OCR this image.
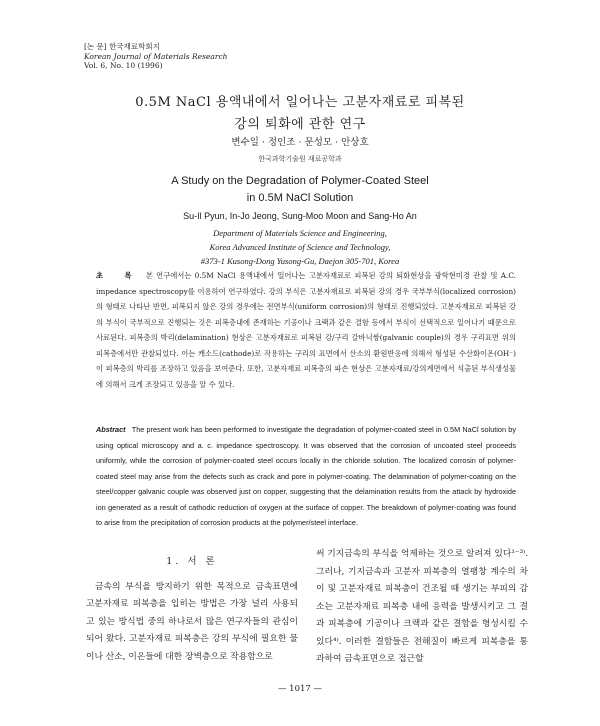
[논 문] 한국재료학회지
Korean Journal of Materials Research
Vol. 6, No. 10 (1996)
0.5M NaCl 용액내에서 일어나는 고분자재료로 피복된
강의 퇴화에 관한 연구
변수일 · 정인조 · 문성모 · 안상호
한국과학기술원 재료공학과
A Study on the Degradation of Polymer-Coated Steel
in 0.5M NaCl Solution
Su-Il Pyun, In-Jo Jeong, Sung-Moo Moon and Sang-Ho An
Department of Materials Science and Engineering,
Korea Advanced Institute of Science and Technology,
#373-1 Kusong-Dong Yusong-Gu, Daejon 305-701, Korea
초 록 본 연구에서는 0.5M NaCl 용액내에서 일어나는 고분자재료로 피복된 강의 퇴화현상을 광학현미경 관찰 및 A.C. impedance spectroscopy를 이용하여 연구하였다. 강의 부식은 고분자재료로 피복된 강의 경우 국부부식(localized corrosion)의 형태로 나타난 반면, 피복되지 않은 강의 경우에는 전면부식(uniform corrosion)의 형태로 진행되었다. 고분자재료로 피복된 강의 부식이 국부적으로 진행되는 것은 피복층내에 존재하는 기공이나 크랙과 같은 결함 등에서 부식이 선택적으로 일어나기 때문으로 사료된다. 피복층의 박리(delamination) 현상은 고분자재료로 피복된 강/구리 갈바닉쌍(galvanic couple)의 경우 구리표면 위의 피복층에서만 관찰되었다. 이는 캐소드(cathode)로 작용하는 구리의 표면에서 산소의 환원반응에 의해서 형성된 수산화이온(OH⁻)이 피복층의 박리를 조장하고 있음을 보여준다. 또한, 고분자재료 피복층의 파손 현상은 고분자재료/강의계면에서 석출된 부식생성물에 의해서 크게 조장되고 있음을 알 수 있다.
Abstract The present work has been performed to investigate the degradation of polymer-coated steel in 0.5M NaCl solution by using optical microscopy and a. c. impedance spectroscopy. It was observed that the corrosion of uncoated steel proceeds uniformly, while the corrosion of polymer-coated steel occurs locally in the chloride solution. The localized corrosin of polymer-coated steel may arise from the defects such as crack and pore in polymer-coating. The delamination of polymer-coating on the steel/copper galvanic couple was observed just on copper, suggesting that the delamination results from the attack by hydroxide ion generated as a result of cathodic reduction of oxygen at the surface of copper. The breakdown of polymer-coating was found to arise from the precipitation of corrosion products at the polymer/steel interface.
1. 서 론

금속의 부식을 방지하기 위한 목적으로 금속표면에 고분자재료 피복층을 입히는 방법은 가장 널리 사용되고 있는 방식법 중의 하나로서 많은 연구자들의 관심이 되어 왔다. 고분자재료 피복층은 강의 부식에 필요한 물이나 산소, 이온들에 대한 장벽층으로 작용함으로

써 기지금속의 부식을 억제하는 것으로 알려져 있다¹⁻³⁾. 그러나, 기지금속과 고분자 피복층의 열팽창 계수의 차이 및 고분자재료 피복층이 건조될 때 생기는 부피의 감소는 고분자재료 피복층 내에 응력을 발생시키고 그 결과 피복층에 기공이나 크랙과 같은 결함을 형성시킬 수 있다⁴⁾. 이러한 결함들은 전해질이 빠르게 피복층을 통과하여 금속표면으로 접근할

— 1017 —
